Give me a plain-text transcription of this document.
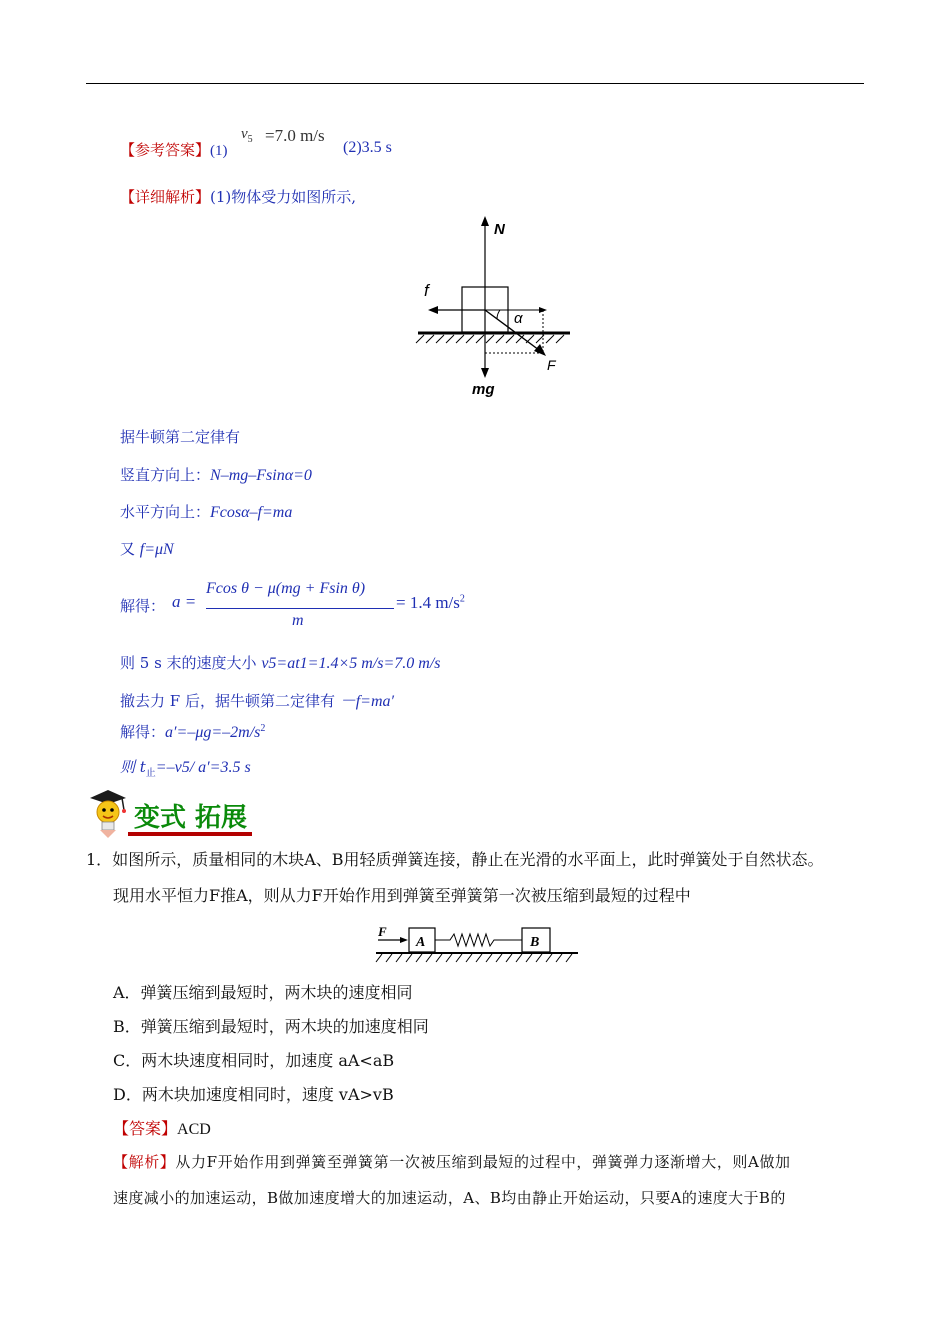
【参考答案】(1)
$v_5 =7.0$ m/s
(2)3.5 s
【详细解析】(1)物体受力如图所示,
N
f
α
F
mg
据牛顿第二定律有
竖直方向上：N–mg–Fsinα=0
水平方向上：Fcosα–f=ma
又 f=μN
解得： a =
Fcos θ − μ(mg + Fsin θ)
m
= 1.4 $m/s^2$
则 5 s 末的速度大小 v5=at1=1.4×5 m/s=7.0 m/s
撤去力 F 后，据牛顿第二定律有 －f=ma′
解得：$a'=-\mu g=-2m/s^2$
则 $t_止=-v5/$ a′=3.5 s
变式 拓展
1．如图所示，质量相同的木块A、B用轻质弹簧连接，静止在光滑的水平面上，此时弹簧处于自然状态。
现用水平恒力F推A，则从力F开始作用到弹簧至弹簧第一次被压缩到最短的过程中
F
A	B
A．弹簧压缩到最短时，两木块的速度相同
B．弹簧压缩到最短时，两木块的加速度相同
C．两木块速度相同时，加速度 aA<aB
D．两木块加速度相同时，速度 vA>vB
【答案】ACD
【解析】从力F开始作用到弹簧至弹簧第一次被压缩到最短的过程中，弹簧弹力逐渐增大，则A做加
速度减小的加速运动，B做加速度增大的加速运动，A、B均由静止开始运动，只要A的速度大于B的
